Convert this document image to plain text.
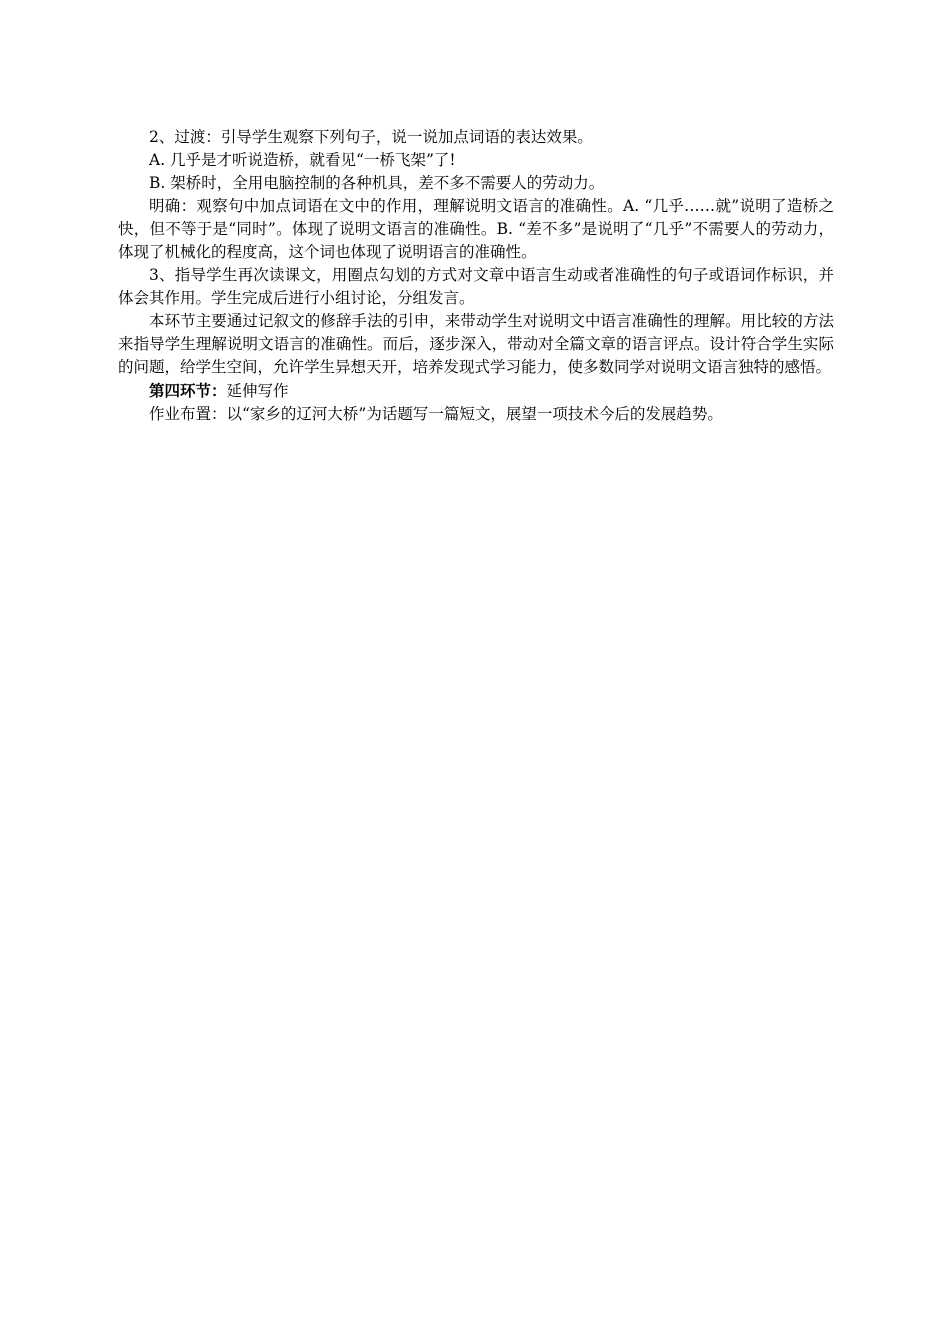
2、过渡：引导学生观察下列句子，说一说加点词语的表达效果。

A. 几乎是才听说造桥，就看见“一桥飞架”了!

B. 架桥时，全用电脑控制的各种机具，差不多不需要人的劳动力。

明确：观察句中加点词语在文中的作用，理解说明文语言的准确性。A. “几乎……就”说明了造桥之快，但不等于是“同时”。体现了说明文语言的准确性。B. “差不多”是说明了“几乎”不需要人的劳动力，体现了机械化的程度高，这个词也体现了说明语言的准确性。

3、指导学生再次读课文，用圈点勾划的方式对文章中语言生动或者准确性的句子或语词作标识，并体会其作用。学生完成后进行小组讨论，分组发言。

本环节主要通过记叙文的修辞手法的引申，来带动学生对说明文中语言准确性的理解。用比较的方法来指导学生理解说明文语言的准确性。而后，逐步深入，带动对全篇文章的语言评点。设计符合学生实际的问题，给学生空间，允许学生异想天开，培养发现式学习能力，使多数同学对说明文语言独特的感悟。

第四环节：延伸写作

作业布置：以“家乡的辽河大桥”为话题写一篇短文，展望一项技术今后的发展趋势。
